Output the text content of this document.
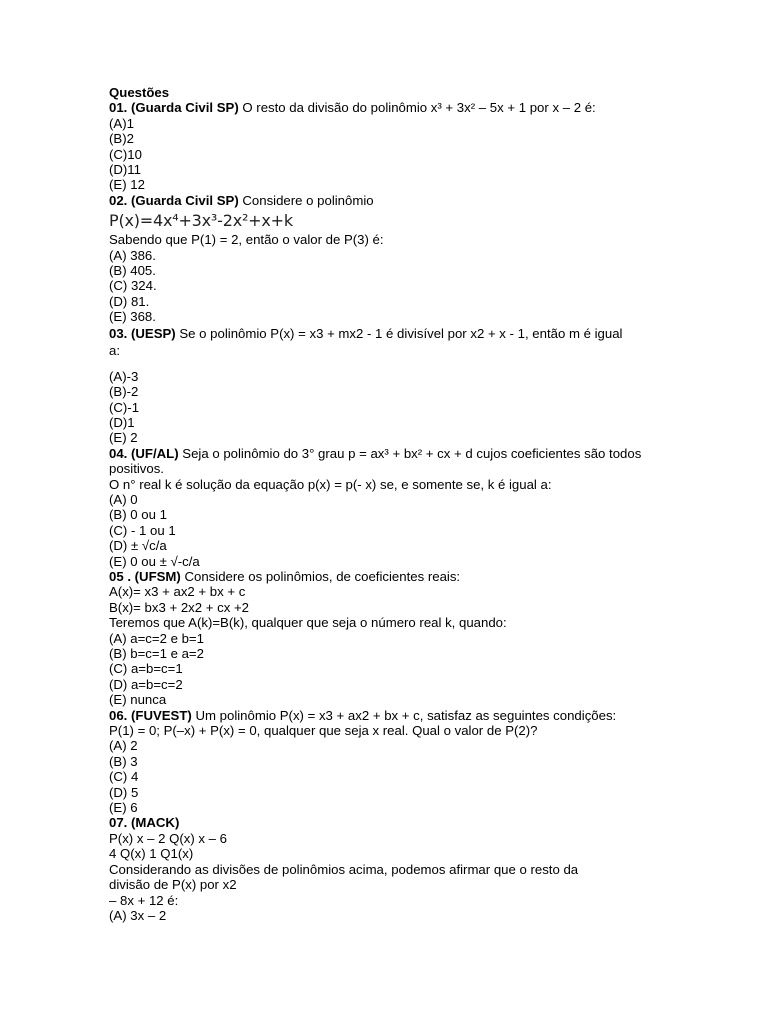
Questões
01. (Guarda Civil SP) O resto da divisão do polinômio x³ + 3x² – 5x + 1 por x – 2 é:
(A)1
(B)2
(C)10
(D)11
(E) 12
02. (Guarda Civil SP) Considere o polinômio
P(x)=4x⁴+3x³-2x²+x+k
Sabendo que P(1) = 2, então o valor de P(3) é:
(A) 386.
(B) 405.
(C) 324.
(D) 81.
(E) 368.
03. (UESP) Se o polinômio P(x) = x3 + mx2 - 1 é divisível por x2 + x - 1, então m é igual a:
(A)-3
(B)-2
(C)-1
(D)1
(E) 2
04. (UF/AL) Seja o polinômio do 3° grau p = ax³ + bx² + cx + d cujos coeficientes são todos positivos.
O n° real k é solução da equação p(x) = p(- x) se, e somente se, k é igual a:
(A) 0
(B) 0 ou 1
(C) - 1 ou 1
(D) ± √c/a
(E) 0 ou ± √-c/a
05 . (UFSM) Considere os polinômios, de coeficientes reais:
A(x)= x3 + ax2 + bx + c
B(x)= bx3 + 2x2 + cx +2
Teremos que A(k)=B(k), qualquer que seja o número real k, quando:
(A) a=c=2 e b=1
(B) b=c=1 e a=2
(C) a=b=c=1
(D) a=b=c=2
(E) nunca
06. (FUVEST) Um polinômio P(x) = x3 + ax2 + bx + c, satisfaz as seguintes condições:
P(1) = 0; P(–x) + P(x) = 0, qualquer que seja x real. Qual o valor de P(2)?
(A) 2
(B) 3
(C) 4
(D) 5
(E) 6
07. (MACK)
P(x) x – 2 Q(x) x – 6
4 Q(x) 1 Q1(x)
Considerando as divisões de polinômios acima, podemos afirmar que o resto da divisão de P(x) por x2
– 8x + 12 é:
(A) 3x – 2
